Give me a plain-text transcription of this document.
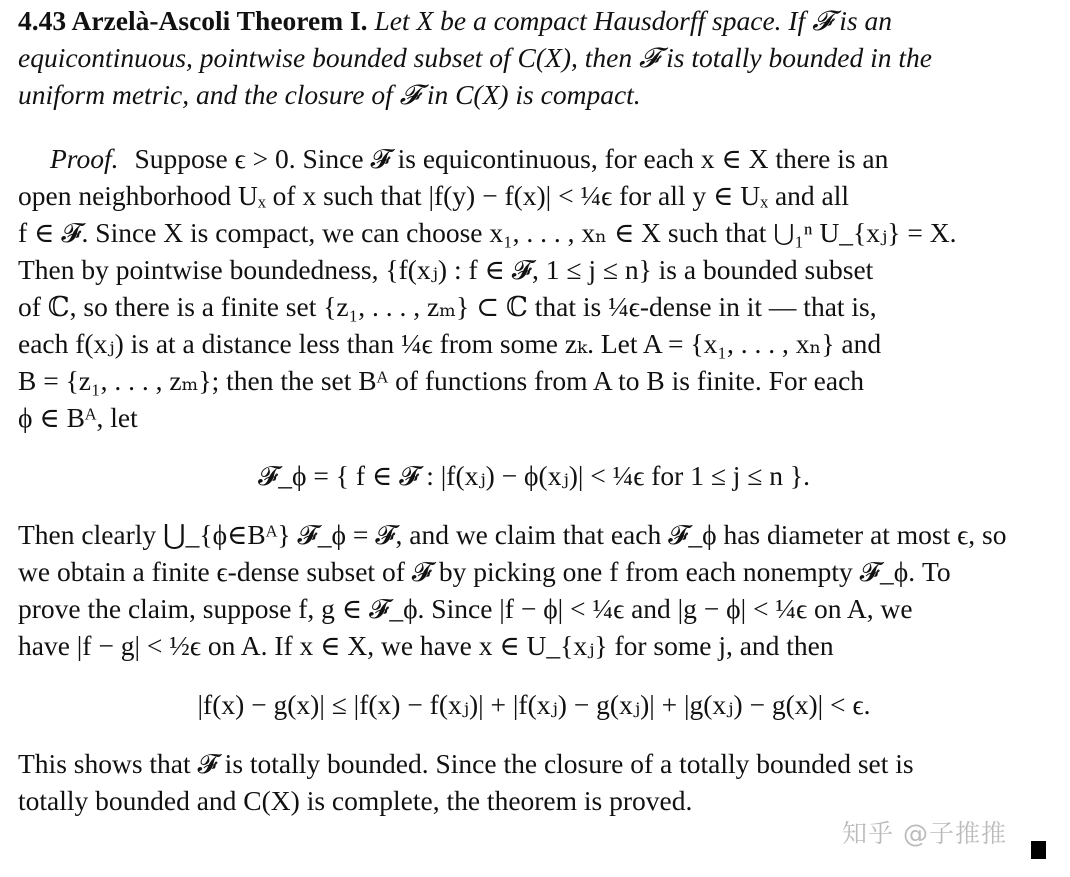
4.43 Arzelà-Ascoli Theorem I. Let X be a compact Hausdorff space. If 𝓕 is an
equicontinuous, pointwise bounded subset of C(X), then 𝓕 is totally bounded in the
uniform metric, and the closure of 𝓕 in C(X) is compact.
Proof. Suppose ϵ > 0. Since 𝓕 is equicontinuous, for each x ∈ X there is an
open neighborhood Uₓ of x such that |f(y) − f(x)| < ¼ϵ for all y ∈ Uₓ and all
f ∈ 𝓕. Since X is compact, we can choose x₁, . . . , xₙ ∈ X such that ⋃₁ⁿ U_{xⱼ} = X.
Then by pointwise boundedness, {f(xⱼ) : f ∈ 𝓕, 1 ≤ j ≤ n} is a bounded subset
of ℂ, so there is a finite set {z₁, . . . , zₘ} ⊂ ℂ that is ¼ϵ-dense in it — that is,
each f(xⱼ) is at a distance less than ¼ϵ from some zₖ. Let A = {x₁, . . . , xₙ} and
B = {z₁, . . . , zₘ}; then the set Bᴬ of functions from A to B is finite. For each
ϕ ∈ Bᴬ, let
𝓕_ϕ = { f ∈ 𝓕 : |f(xⱼ) − ϕ(xⱼ)| < ¼ϵ for 1 ≤ j ≤ n }.
Then clearly ⋃_{ϕ∈Bᴬ} 𝓕_ϕ = 𝓕, and we claim that each 𝓕_ϕ has diameter at most ϵ, so
we obtain a finite ϵ-dense subset of 𝓕 by picking one f from each nonempty 𝓕_ϕ. To
prove the claim, suppose f, g ∈ 𝓕_ϕ. Since |f − ϕ| < ¼ϵ and |g − ϕ| < ¼ϵ on A, we
have |f − g| < ½ϵ on A. If x ∈ X, we have x ∈ U_{xⱼ} for some j, and then
|f(x) − g(x)| ≤ |f(x) − f(xⱼ)| + |f(xⱼ) − g(xⱼ)| + |g(xⱼ) − g(x)| < ϵ.
This shows that 𝓕 is totally bounded. Since the closure of a totally bounded set is
totally bounded and C(X) is complete, the theorem is proved.
知乎 @子推推
